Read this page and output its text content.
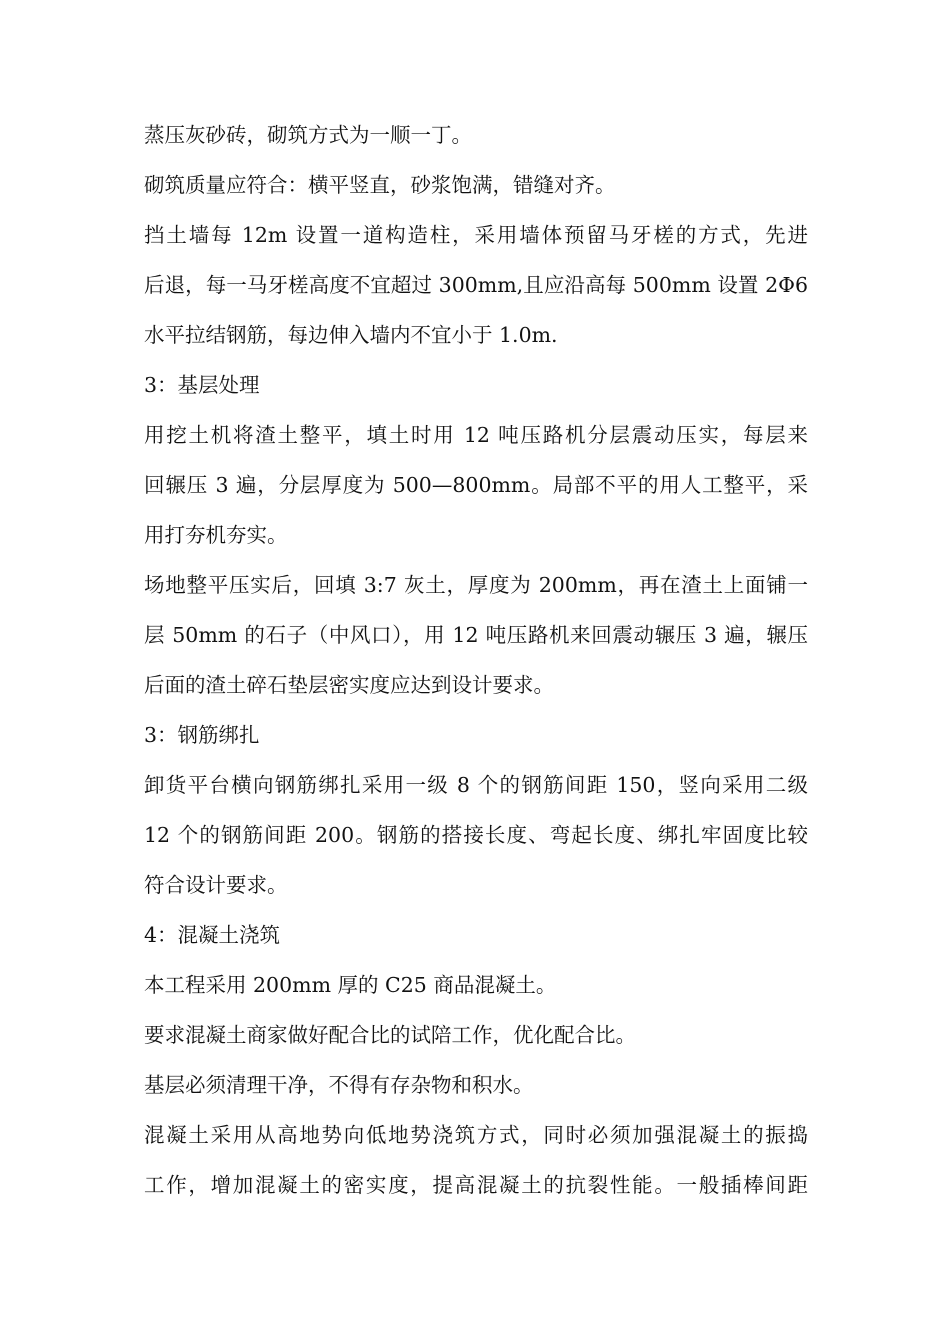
蒸压灰砂砖，砌筑方式为一顺一丁。
砌筑质量应符合：横平竖直，砂浆饱满，错缝对齐。
挡土墙每 12m 设置一道构造柱，采用墙体预留马牙槎的方式，先进
后退，每一马牙槎高度不宜超过 300mm,且应沿高每 500mm 设置 2Φ6
水平拉结钢筋，每边伸入墙内不宜小于 1.0m.
3：基层处理
用挖土机将渣土整平，填土时用 12 吨压路机分层震动压实，每层来
回辗压 3 遍，分层厚度为 500—800mm。局部不平的用人工整平，采
用打夯机夯实。
场地整平压实后，回填 3:7 灰土，厚度为 200mm，再在渣土上面铺一
层 50mm 的石子（中风口），用 12 吨压路机来回震动辗压 3 遍，辗压
后面的渣土碎石垫层密实度应达到设计要求。
3：钢筋绑扎
卸货平台横向钢筋绑扎采用一级 8 个的钢筋间距 150，竖向采用二级
12 个的钢筋间距 200。钢筋的搭接长度、弯起长度、绑扎牢固度比较
符合设计要求。
4：混凝土浇筑
本工程采用 200mm 厚的 C25 商品混凝土。
要求混凝土商家做好配合比的试陪工作，优化配合比。
基层必须清理干净，不得有存杂物和积水。
混凝土采用从高地势向低地势浇筑方式，同时必须加强混凝土的振捣
工作，增加混凝土的密实度，提高混凝土的抗裂性能。一般插棒间距
